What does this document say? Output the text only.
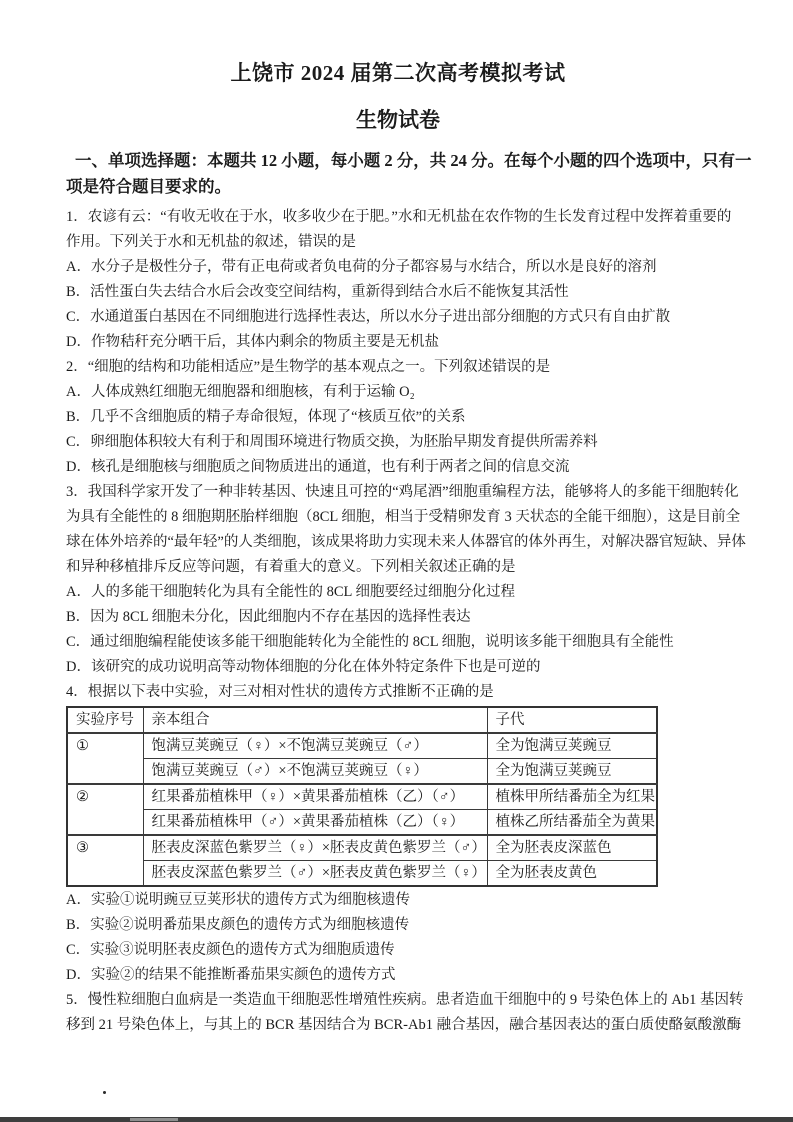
上饶市 2024 届第二次高考模拟考试
生物试卷
一、单项选择题：本题共 12 小题，每小题 2 分，共 24 分。在每个小题的四个选项中，只有一
项是符合题目要求的。
1．农谚有云：“有收无收在于水，收多收少在于肥。”水和无机盐在农作物的生长发育过程中发挥着重要的
作用。下列关于水和无机盐的叙述，错误的是
A．水分子是极性分子，带有正电荷或者负电荷的分子都容易与水结合，所以水是良好的溶剂
B．活性蛋白失去结合水后会改变空间结构，重新得到结合水后不能恢复其活性
C．水通道蛋白基因在不同细胞进行选择性表达，所以水分子进出部分细胞的方式只有自由扩散
D．作物秸秆充分晒干后，其体内剩余的物质主要是无机盐
2．“细胞的结构和功能相适应”是生物学的基本观点之一。下列叙述错误的是
A．人体成熟红细胞无细胞器和细胞核，有利于运输 O₂
B．几乎不含细胞质的精子寿命很短，体现了“核质互依”的关系
C．卵细胞体积较大有利于和周围环境进行物质交换，为胚胎早期发育提供所需养料
D．核孔是细胞核与细胞质之间物质进出的通道，也有利于两者之间的信息交流
3．我国科学家开发了一种非转基因、快速且可控的“鸡尾酒”细胞重编程方法，能够将人的多能干细胞转化
为具有全能性的 8 细胞期胚胎样细胞（8CL 细胞，相当于受精卵发育 3 天状态的全能干细胞），这是目前全
球在体外培养的“最年轻”的人类细胞，该成果将助力实现未来人体器官的体外再生，对解决器官短缺、异体
和异种移植排斥反应等问题，有着重大的意义。下列相关叙述正确的是
A．人的多能干细胞转化为具有全能性的 8CL 细胞要经过细胞分化过程
B．因为 8CL 细胞未分化，因此细胞内不存在基因的选择性表达
C．通过细胞编程能使该多能干细胞能转化为全能性的 8CL 细胞，说明该多能干细胞具有全能性
D．该研究的成功说明高等动物体细胞的分化在体外特定条件下也是可逆的
4．根据以下表中实验，对三对相对性状的遗传方式推断不正确的是
实验序号	亲本组合	子代
①	饱满豆荚豌豆（♀）×不饱满豆荚豌豆（♂）	全为饱满豆荚豌豆
	饱满豆荚豌豆（♂）×不饱满豆荚豌豆（♀）	全为饱满豆荚豌豆
②	红果番茄植株甲（♀）×黄果番茄植株（乙）（♂）	植株甲所结番茄全为红果
	红果番茄植株甲（♂）×黄果番茄植株（乙）（♀）	植株乙所结番茄全为黄果
③	胚表皮深蓝色紫罗兰（♀）×胚表皮黄色紫罗兰（♂）	全为胚表皮深蓝色
	胚表皮深蓝色紫罗兰（♂）×胚表皮黄色紫罗兰（♀）	全为胚表皮黄色
A．实验①说明豌豆豆荚形状的遗传方式为细胞核遗传
B．实验②说明番茄果皮颜色的遗传方式为细胞核遗传
C．实验③说明胚表皮颜色的遗传方式为细胞质遗传
D．实验②的结果不能推断番茄果实颜色的遗传方式
5．慢性粒细胞白血病是一类造血干细胞恶性增殖性疾病。患者造血干细胞中的 9 号染色体上的 Ab1 基因转
移到 21 号染色体上，与其上的 BCR 基因结合为 BCR-Ab1 融合基因，融合基因表达的蛋白质使酪氨酸激酶
